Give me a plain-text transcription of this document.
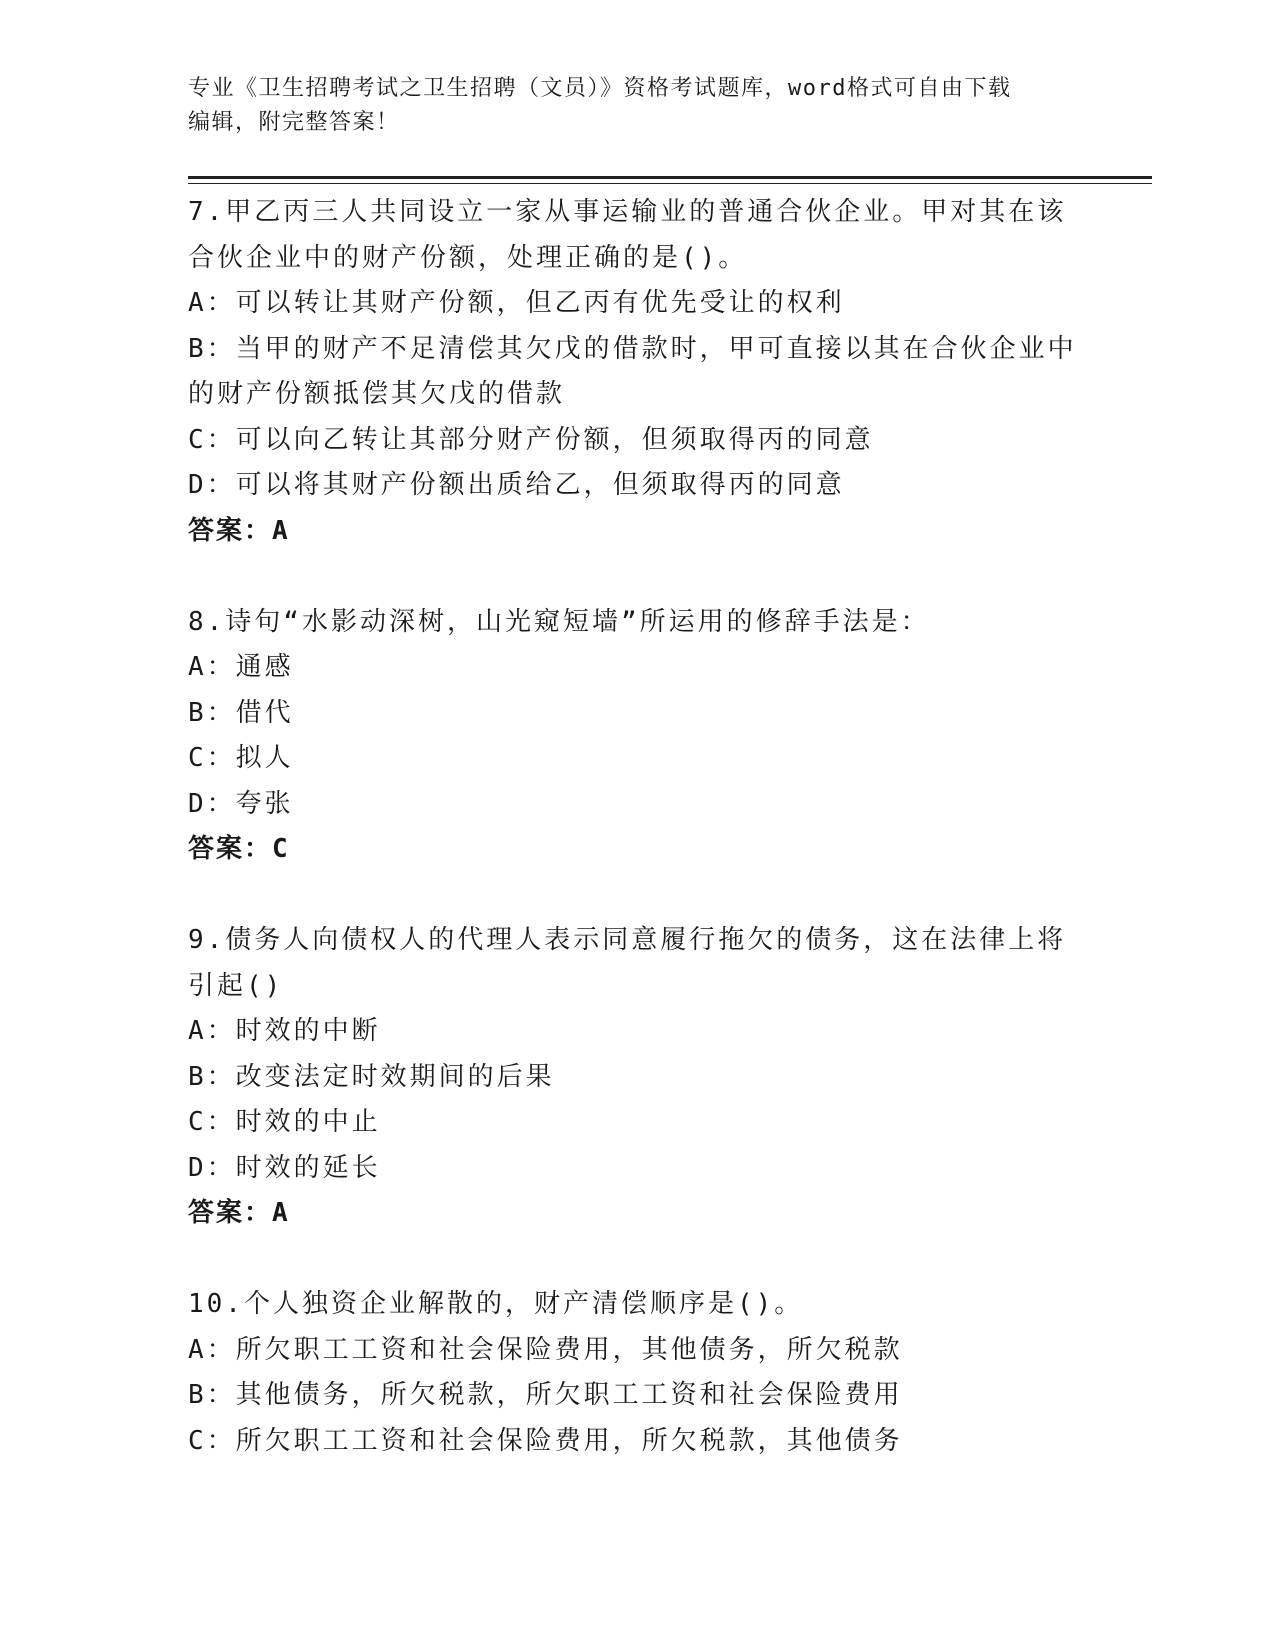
专业《卫生招聘考试之卫生招聘（文员）》资格考试题库，word格式可自由下载
编辑，附完整答案！
7.甲乙丙三人共同设立一家从事运输业的普通合伙企业。甲对其在该
合伙企业中的财产份额，处理正确的是()。
A：可以转让其财产份额，但乙丙有优先受让的权利
B：当甲的财产不足清偿其欠戊的借款时，甲可直接以其在合伙企业中
的财产份额抵偿其欠戊的借款
C：可以向乙转让其部分财产份额，但须取得丙的同意
D：可以将其财产份额出质给乙，但须取得丙的同意
答案：A
8.诗句“水影动深树，山光窥短墙”所运用的修辞手法是：
A：通感
B：借代
C：拟人
D：夸张
答案：C
9.债务人向债权人的代理人表示同意履行拖欠的债务，这在法律上将
引起()
A：时效的中断
B：改变法定时效期间的后果
C：时效的中止
D：时效的延长
答案：A
10.个人独资企业解散的，财产清偿顺序是()。
A：所欠职工工资和社会保险费用，其他债务，所欠税款
B：其他债务，所欠税款，所欠职工工资和社会保险费用
C：所欠职工工资和社会保险费用，所欠税款，其他债务
